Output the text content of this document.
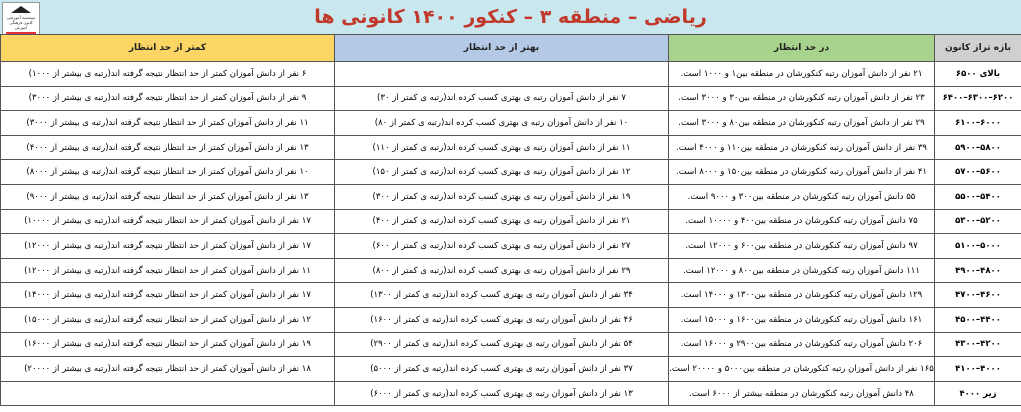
ریاضی – منطقه ۳ – کنکور ۱۴۰۰ کانونی ها
موسسه آموزشی کانون فرهنگی آموزش
بازه تراز کانون	در حد انتظار	بهتر از حد انتظار	کمتر از حد انتظار
بالای ۶۵۰۰	۲۱ نفر از دانش آموزان رتبه کنکورشان در منطقه بین۱ و ۱۰۰۰ است.		۶ نفر از دانش آموزان کمتر از حد انتظار نتیجه گرفته اند(رتبه ی بیشتر از ۱۰۰۰)
۶۲۰۰–۶۳۰۰–۶۴۰۰	۲۳ نفر از دانش آموزان رتبه کنکورشان در منطقه بین۳۰ و ۳۰۰۰ است.	۷ نفر از دانش آموزان رتبه ی بهتری کسب کرده اند(رتبه ی کمتر از ۳۰)	۹ نفر از دانش آموزان کمتر از حد انتظار نتیجه گرفته اند(رتبه ی بیشتر از ۳۰۰۰)
۶۰۰۰–۶۱۰۰	۲۹ نفر از دانش آموزان رتبه کنکورشان در منطقه بین۸۰ و ۳۰۰۰ است.	۱۰ نفر از دانش آموزان رتبه ی بهتری کسب کرده اند(رتبه ی کمتر از ۸۰)	۱۱ نفر از دانش آموزان کمتر از حد انتظار نتیجه گرفته اند(رتبه ی بیشتر از ۳۰۰۰)
۵۸۰۰–۵۹۰۰	۳۹ نفر از دانش آموزان رتبه کنکورشان در منطقه بین۱۱۰ و ۴۰۰۰ است.	۱۱ نفر از دانش آموزان رتبه ی بهتری کسب کرده اند(رتبه ی کمتر از ۱۱۰)	۱۳ نفر از دانش آموزان کمتر از حد انتظار نتیجه گرفته اند(رتبه ی بیشتر از ۴۰۰۰)
۵۶۰۰–۵۷۰۰	۴۱ نفر از دانش آموزان رتبه کنکورشان در منطقه بین۱۵۰ و ۸۰۰۰ است.	۱۲ نفر از دانش آموزان رتبه ی بهتری کسب کرده اند(رتبه ی کمتر از ۱۵۰)	۱۰ نفر از دانش آموزان کمتر از حد انتظار نتیجه گرفته اند(رتبه ی بیشتر از ۸۰۰۰)
۵۴۰۰–۵۵۰۰	۵۵ دانش آموزان رتبه کنکورشان در منطقه بین۳۰۰ و ۹۰۰۰ است.	۱۹ نفر از دانش آموزان رتبه ی بهتری کسب کرده اند(رتبه ی کمتر از ۳۰۰)	۱۳ نفر از دانش آموزان کمتر از حد انتظار نتیجه گرفته اند(رتبه ی بیشتر از ۹۰۰۰)
۵۲۰۰–۵۳۰۰	۷۵ دانش آموزان رتبه کنکورشان در منطقه بین۴۰۰ و ۱۰۰۰۰ است.	۲۱ نفر از دانش آموزان رتبه ی بهتری کسب کرده اند(رتبه ی کمتر از ۴۰۰)	۱۷ نفر از دانش آموزان کمتر از حد انتظار نتیجه گرفته اند(رتبه ی بیشتر از ۱۰۰۰۰)
۵۰۰۰–۵۱۰۰	۹۷ دانش آموزان رتبه کنکورشان در منطقه بین۶۰۰ و ۱۲۰۰۰ است.	۲۷ نفر از دانش آموزان رتبه ی بهتری کسب کرده اند(رتبه ی کمتر از ۶۰۰)	۱۷ نفر از دانش آموزان کمتر از حد انتظار نتیجه گرفته اند(رتبه ی بیشتر از ۱۲۰۰۰)
۴۸۰۰–۴۹۰۰	۱۱۱ دانش آموزان رتبه کنکورشان در منطقه بین۸۰۰ و ۱۲۰۰۰ است.	۲۹ نفر از دانش آموزان رتبه ی بهتری کسب کرده اند(رتبه ی کمتر از ۸۰۰)	۱۱ نفر از دانش آموزان کمتر از حد انتظار نتیجه گرفته اند(رتبه ی بیشتر از ۱۲۰۰۰)
۴۶۰۰–۴۷۰۰	۱۲۹ دانش آموزان رتبه کنکورشان در منطقه بین۱۳۰۰ و ۱۴۰۰۰ است.	۳۴ نفر از دانش آموزان رتبه ی بهتری کسب کرده اند(رتبه ی کمتر از ۱۳۰۰)	۱۷ نفر از دانش آموزان کمتر از حد انتظار نتیجه گرفته اند(رتبه ی بیشتر از ۱۴۰۰۰)
۴۴۰۰–۴۵۰۰	۱۶۱ دانش آموزان رتبه کنکورشان در منطقه بین۱۶۰۰ و ۱۵۰۰۰ است.	۴۶ نفر از دانش آموزان رتبه ی بهتری کسب کرده اند(رتبه ی کمتر از ۱۶۰۰)	۱۲ نفر از دانش آموزان کمتر از حد انتظار نتیجه گرفته اند(رتبه ی بیشتر از ۱۵۰۰۰)
۴۲۰۰–۴۳۰۰	۲۰۶ دانش آموزان رتبه کنکورشان در منطقه بین۲۹۰۰ و ۱۶۰۰۰ است.	۵۴ نفر از دانش آموزان رتبه ی بهتری کسب کرده اند(رتبه ی کمتر از ۲۹۰۰)	۱۹ نفر از دانش آموزان کمتر از حد انتظار نتیجه گرفته اند(رتبه ی بیشتر از ۱۶۰۰۰)
۴۰۰۰–۴۱۰۰	۱۶۵ نفر از دانش آموزان رتبه کنکورشان در منطقه بین۵۰۰۰ و ۲۰۰۰۰ است.	۳۷ نفر از دانش آموزان رتبه ی بهتری کسب کرده اند(رتبه ی کمتر از ۵۰۰۰)	۱۸ نفر از دانش آموزان کمتر از حد انتظار نتیجه گرفته اند(رتبه ی بیشتر از ۲۰۰۰۰)
زیر ۴۰۰۰	۴۸ دانش آموزان رتبه کنکورشان در منطقه بیشتر از ۶۰۰۰ است.	۱۳ نفر از دانش آموزان رتبه ی بهتری کسب کرده اند(رتبه ی کمتر از ۶۰۰۰)	
